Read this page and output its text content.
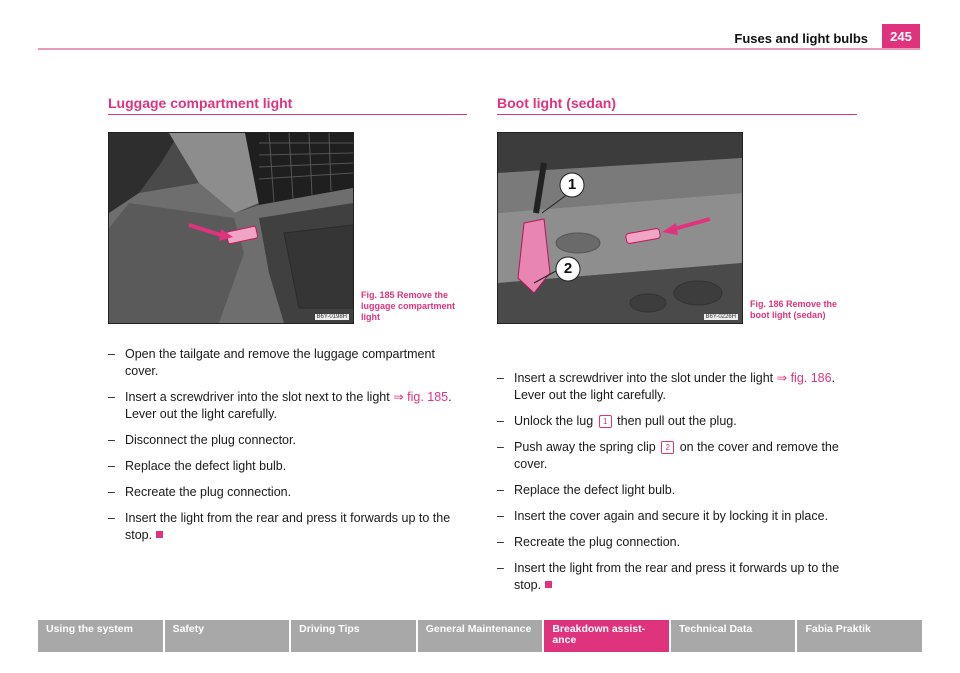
Fuses and light bulbs	245
Luggage compartment light
B6Y-0198H
Fig. 185 Remove the
luggage compartment
light
– Open the tailgate and remove the luggage compartment cover.
– Insert a screwdriver into the slot next to the light ⇒ fig. 185. Lever out the light carefully.
– Disconnect the plug connector.
– Replace the defect light bulb.
– Recreate the plug connection.
– Insert the light from the rear and press it forwards up to the stop.
Boot light (sedan)
1
2
B6Y-0226H
Fig. 186 Remove the
boot light (sedan)
– Insert a screwdriver into the slot under the light ⇒ fig. 186. Lever out the light carefully.
– Unlock the lug 1 then pull out the plug.
– Push away the spring clip 2 on the cover and remove the cover.
– Replace the defect light bulb.
– Insert the cover again and secure it by locking it in place.
– Recreate the plug connection.
– Insert the light from the rear and press it forwards up to the stop.
Using the system	Safety	Driving Tips	General Maintenance	Breakdown assist-ance
Technical Data	Fabia Praktik
